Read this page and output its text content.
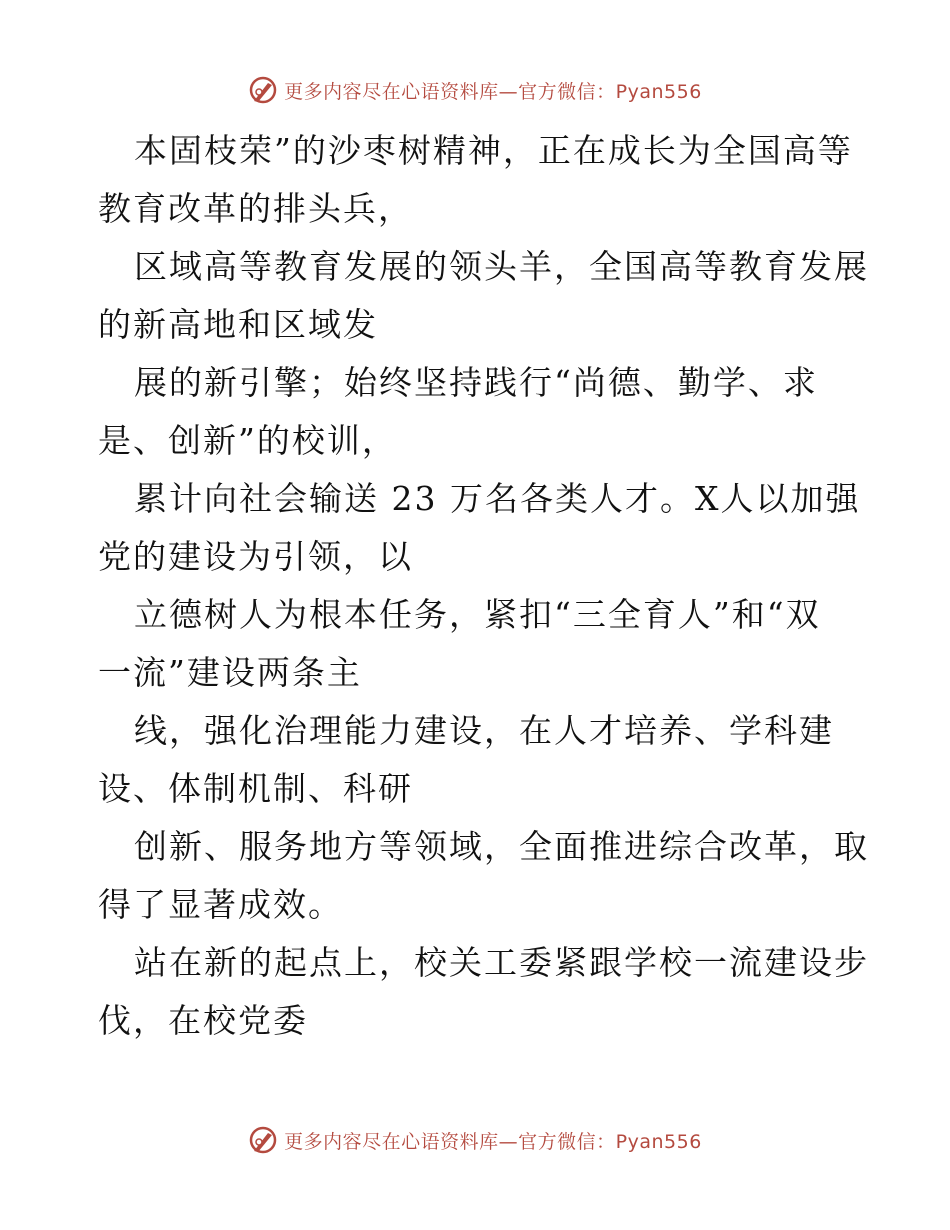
更多内容尽在心语资料库—官方微信：Pyan556
本固枝荣”的沙枣树精神，正在成长为全国高等
教育改革的排头兵，
区域高等教育发展的领头羊，全国高等教育发展
的新高地和区域发
展的新引擎；始终坚持践行“尚德、勤学、求
是、创新”的校训，
累计向社会输送 23 万名各类人才。X人以加强
党的建设为引领，以
立德树人为根本任务，紧扣“三全育人”和“双
一流”建设两条主
线，强化治理能力建设，在人才培养、学科建
设、体制机制、科研
创新、服务地方等领域，全面推进综合改革，取
得了显著成效。
站在新的起点上，校关工委紧跟学校一流建设步
伐，在校党委
更多内容尽在心语资料库—官方微信：Pyan556
